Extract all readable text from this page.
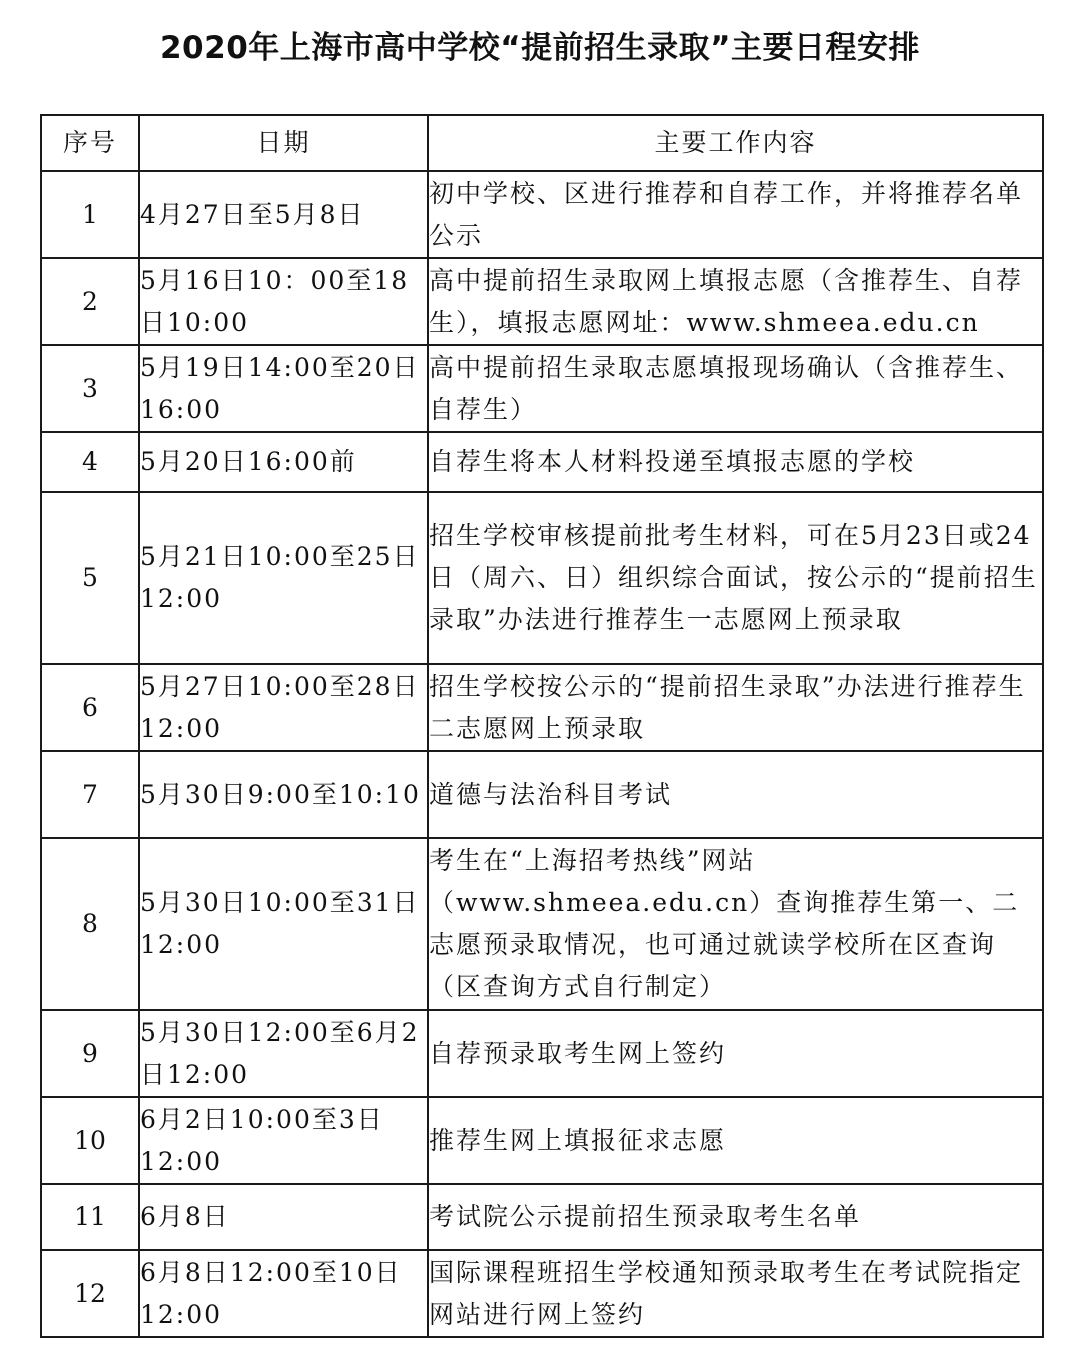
2020年上海市高中学校“提前招生录取”主要日程安排
序号	日期	主要工作内容
1	4月27日至5月8日	初中学校、区进行推荐和自荐工作，并将推荐名单公示
2	5月16日10：00至18日10:00	高中提前招生录取网上填报志愿（含推荐生、自荐生），填报志愿网址：www.shmeea.edu.cn
3	5月19日14:00至20日16:00	高中提前招生录取志愿填报现场确认（含推荐生、自荐生）
4	5月20日16:00前	自荐生将本人材料投递至填报志愿的学校
5	5月21日10:00至25日12:00	招生学校审核提前批考生材料，可在5月23日或24日（周六、日）组织综合面试，按公示的“提前招生录取”办法进行推荐生一志愿网上预录取
6	5月27日10:00至28日12:00	招生学校按公示的“提前招生录取”办法进行推荐生二志愿网上预录取
7	5月30日9:00至10:10	道德与法治科目考试
8	5月30日10:00至31日12:00	考生在“上海招考热线”网站（www.shmeea.edu.cn）查询推荐生第一、二志愿预录取情况，也可通过就读学校所在区查询（区查询方式自行制定）
9	5月30日12:00至6月2日12:00	自荐预录取考生网上签约
10	6月2日10:00至3日12:00	推荐生网上填报征求志愿
11	6月8日	考试院公示提前招生预录取考生名单
12	6月8日12:00至10日12:00	国际课程班招生学校通知预录取考生在考试院指定网站进行网上签约
